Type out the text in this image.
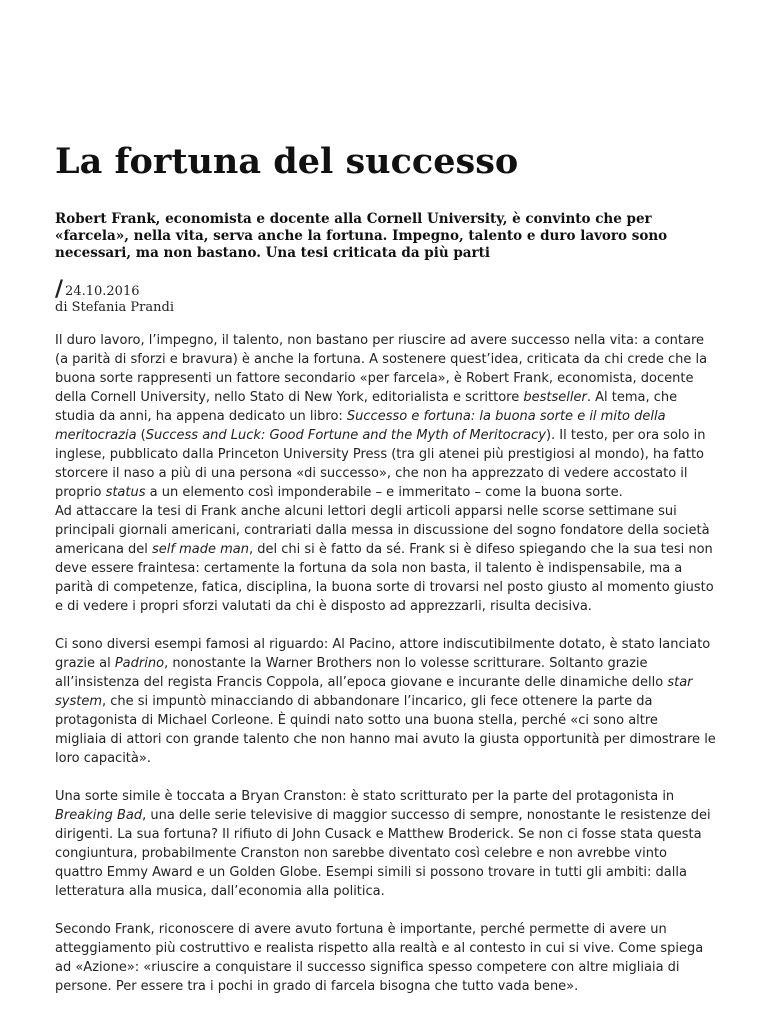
La fortuna del successo

Robert Frank, economista e docente alla Cornell University, è convinto che per «farcela», nella vita, serva anche la fortuna. Impegno, talento e duro lavoro sono necessari, ma non bastano. Una tesi criticata da più parti

/ 24.10.2016
di Stefania Prandi

Il duro lavoro, l’impegno, il talento, non bastano per riuscire ad avere successo nella vita: a contare
(a parità di sforzi e bravura) è anche la fortuna. A sostenere quest’idea, criticata da chi crede che la
buona sorte rappresenti un fattore secondario «per farcela», è Robert Frank, economista, docente
della Cornell University, nello Stato di New York, editorialista e scrittore bestseller. Al tema, che
studia da anni, ha appena dedicato un libro: Successo e fortuna: la buona sorte e il mito della
meritocrazia (Success and Luck: Good Fortune and the Myth of Meritocracy). Il testo, per ora solo in
inglese, pubblicato dalla Princeton University Press (tra gli atenei più prestigiosi al mondo), ha fatto
storcere il naso a più di una persona «di successo», che non ha apprezzato di vedere accostato il
proprio status a un elemento così imponderabile – e immeritato – come la buona sorte.

Ad attaccare la tesi di Frank anche alcuni lettori degli articoli apparsi nelle scorse settimane sui
principali giornali americani, contrariati dalla messa in discussione del sogno fondatore della società
americana del self made man, del chi si è fatto da sé. Frank si è difeso spiegando che la sua tesi non
deve essere fraintesa: certamente la fortuna da sola non basta, il talento è indispensabile, ma a
parità di competenze, fatica, disciplina, la buona sorte di trovarsi nel posto giusto al momento giusto
e di vedere i propri sforzi valutati da chi è disposto ad apprezzarli, risulta decisiva.

Ci sono diversi esempi famosi al riguardo: Al Pacino, attore indiscutibilmente dotato, è stato lanciato
grazie al Padrino, nonostante la Warner Brothers non lo volesse scritturare. Soltanto grazie
all’insistenza del regista Francis Coppola, all’epoca giovane e incurante delle dinamiche dello star
system, che si impuntò minacciando di abbandonare l’incarico, gli fece ottenere la parte da
protagonista di Michael Corleone. È quindi nato sotto una buona stella, perché «ci sono altre
migliaia di attori con grande talento che non hanno mai avuto la giusta opportunità per dimostrare le
loro capacità».

Una sorte simile è toccata a Bryan Cranston: è stato scritturato per la parte del protagonista in
Breaking Bad, una delle serie televisive di maggior successo di sempre, nonostante le resistenze dei
dirigenti. La sua fortuna? Il rifiuto di John Cusack e Matthew Broderick. Se non ci fosse stata questa
congiuntura, probabilmente Cranston non sarebbe diventato così celebre e non avrebbe vinto
quattro Emmy Award e un Golden Globe. Esempi simili si possono trovare in tutti gli ambiti: dalla
letteratura alla musica, dall’economia alla politica.

Secondo Frank, riconoscere di avere avuto fortuna è importante, perché permette di avere un
atteggiamento più costruttivo e realista rispetto alla realtà e al contesto in cui si vive. Come spiega
ad «Azione»: «riuscire a conquistare il successo significa spesso competere con altre migliaia di
persone. Per essere tra i pochi in grado di farcela bisogna che tutto vada bene».
